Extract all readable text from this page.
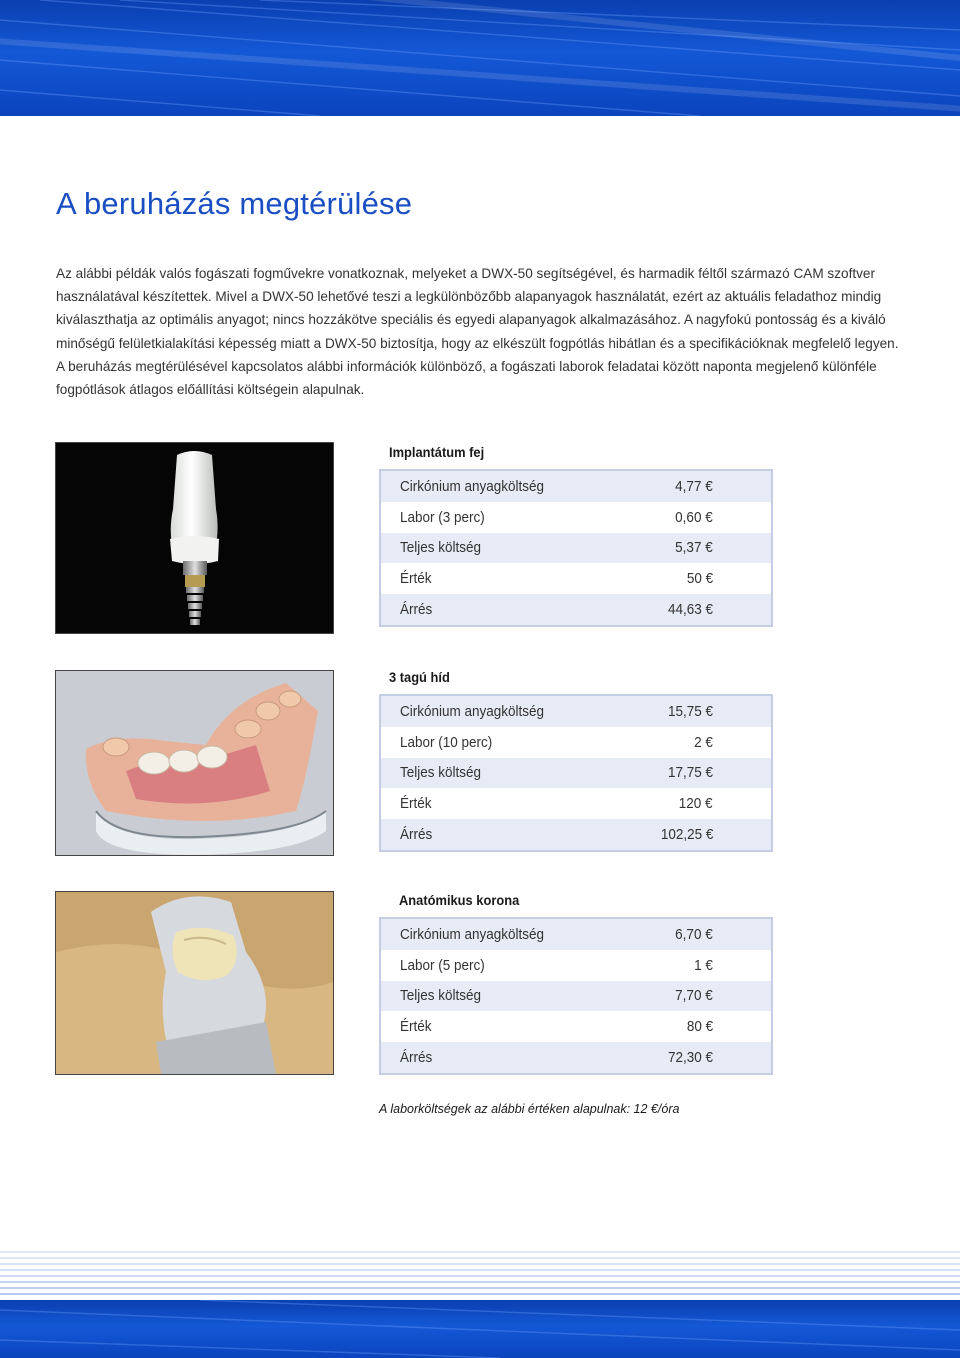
A beruházás megtérülése

Az alábbi példák valós fogászati fogművekre vonatkoznak, melyeket a DWX-50 segítségével, és harmadik féltől származó CAM szoftver használatával készítettek. Mivel a DWX-50 lehetővé teszi a legkülönbözőbb alapanyagok használatát, ezért az aktuális feladathoz mindig kiválaszthatja az optimális anyagot; nincs hozzákötve speciális és egyedi alapanyagok alkalmazásához. A nagyfokú pontosság és a kiváló minőségű felületkialakítási képesség miatt a DWX-50 biztosítja, hogy az elkészült fogpótlás hibátlan és a specifikációknak megfelelő legyen. A beruházás megtérülésével kapcsolatos alábbi információk különböző, a fogászati laborok feladatai között naponta megjelenő különféle fogpótlások átlagos előállítási költségein alapulnak.

Implantátum fej
Cirkónium anyagköltség	4,77 €
Labor (3 perc)	0,60 €
Teljes költség	5,37 €
Érték	50 €
Árrés	44,63 €
3 tagú híd
Cirkónium anyagköltség	15,75 €
Labor (10 perc)	2 €
Teljes költség	17,75 €
Érték	120 €
Árrés	102,25 €
Anatómikus korona
Cirkónium anyagköltség	6,70 €
Labor (5 perc)	1 €
Teljes költség	7,70 €
Érték	80 €
Árrés	72,30 €

A laborköltségek az alábbi értéken alapulnak: 12 €/óra
